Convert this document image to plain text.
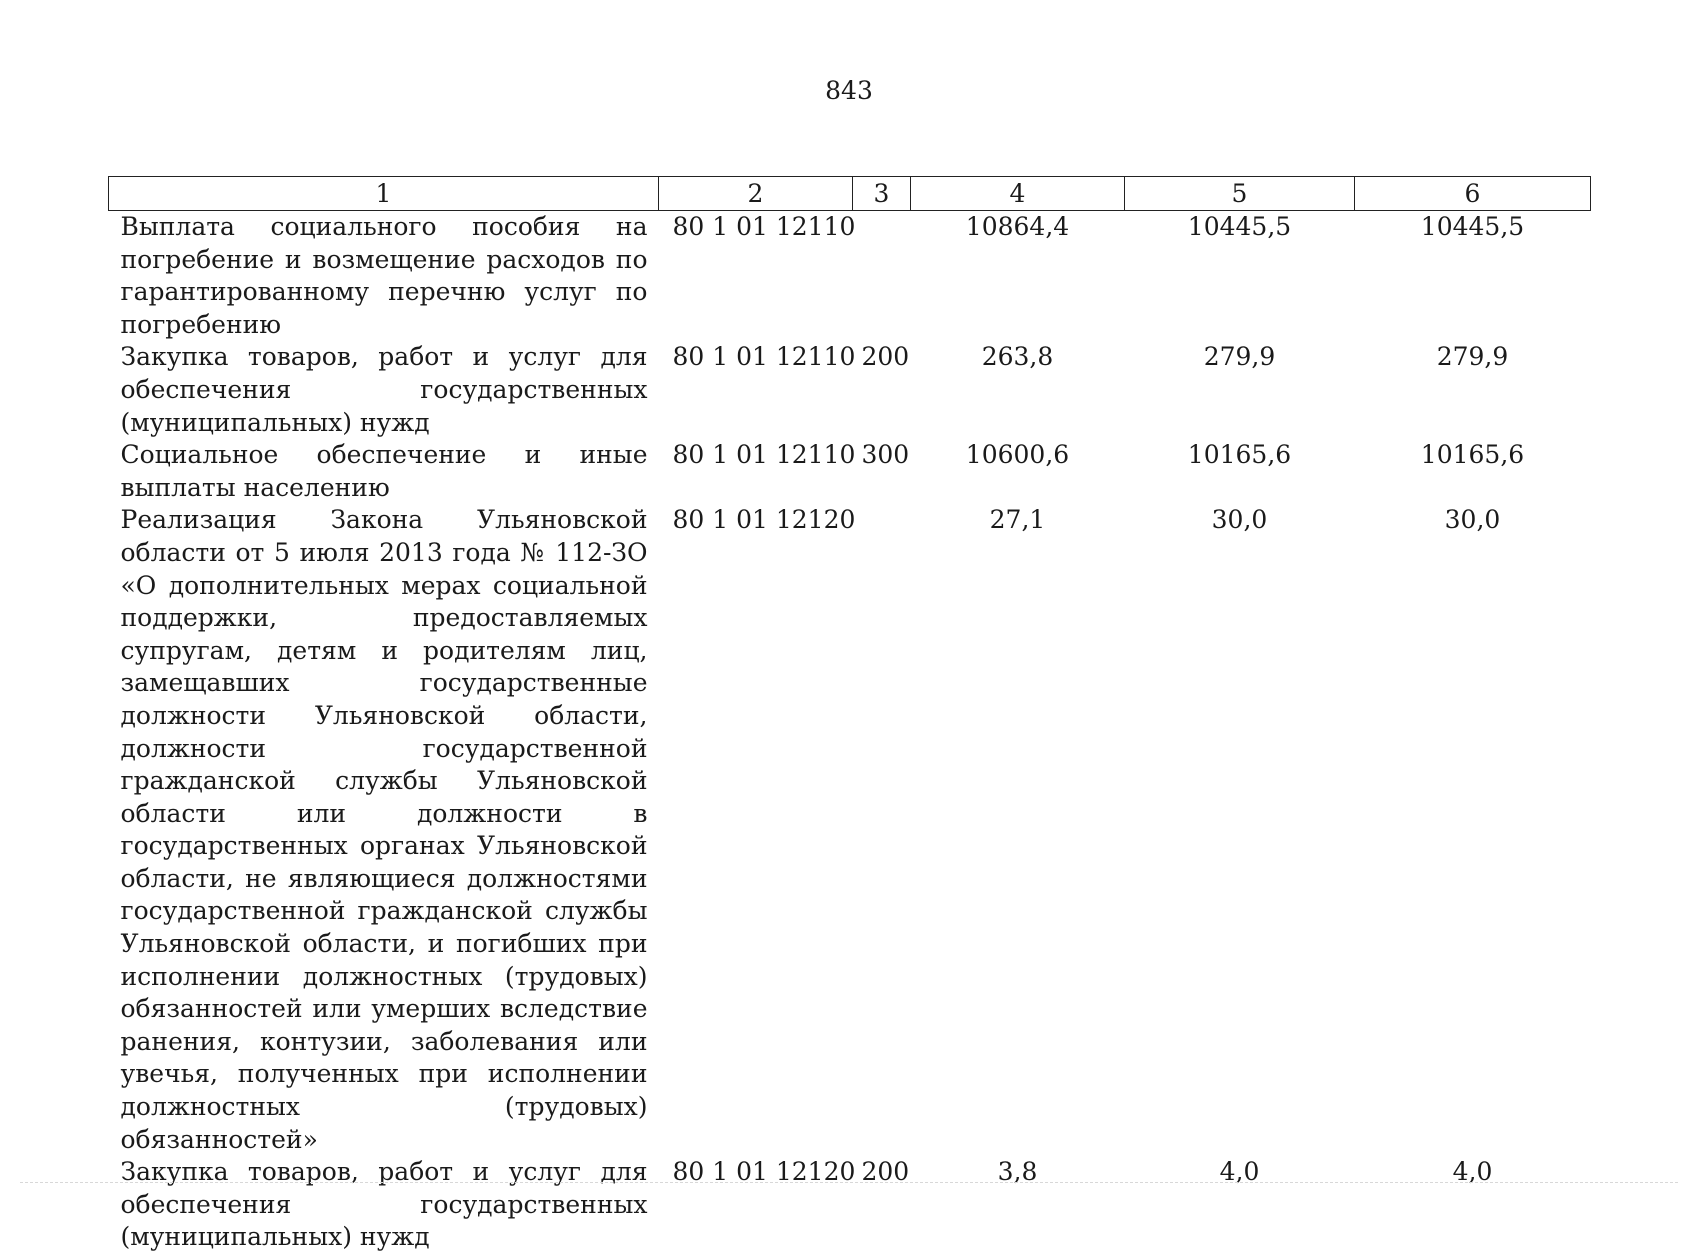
843
1	2	3	4	5	6
Выплата социального пособия на погребение и возмещение расходов по гарантированному перечню услуг по погребению	80 1 01 12110		10864,4	10445,5	10445,5
Закупка товаров, работ и услуг для обеспечения государственных (муниципальных) нужд	80 1 01 12110	200	263,8	279,9	279,9
Социальное обеспечение и иные выплаты населению	80 1 01 12110	300	10600,6	10165,6	10165,6
Реализация Закона Ульяновской области от 5 июля 2013 года № 112-ЗО «О дополнительных мерах социальной поддержки, предоставляемых супругам, детям и родителям лиц, замещавших государственные должности Ульяновской области, должности государственной гражданской службы Ульяновской области или должности в государственных органах Ульяновской области, не являющиеся должностями государственной гражданской службы Ульяновской области, и погибших при исполнении должностных (трудовых) обязанностей или умерших вследствие ранения, контузии, заболевания или увечья, полученных при исполнении должностных (трудовых) обязанностей»	80 1 01 12120		27,1	30,0	30,0
Закупка товаров, работ и услуг для обеспечения государственных (муниципальных) нужд	80 1 01 12120	200	3,8	4,0	4,0
